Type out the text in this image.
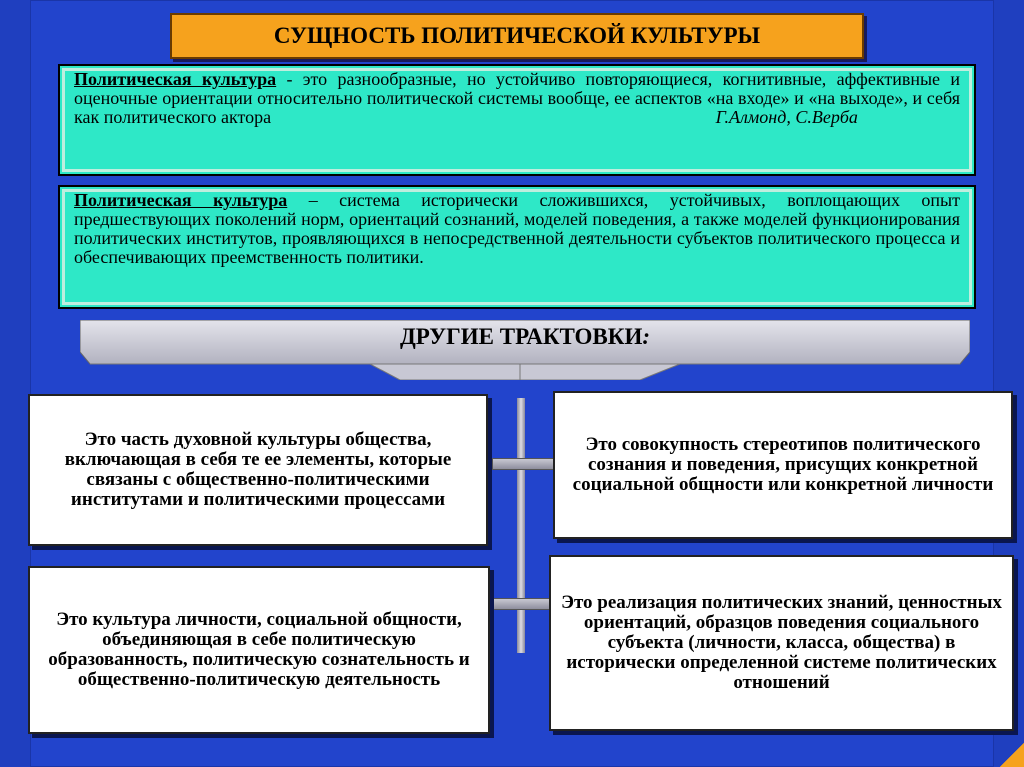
СУЩНОСТЬ ПОЛИТИЧЕСКОЙ КУЛЬТУРЫ
Политическая культура - это разнообразные, но устойчиво повторяющиеся, когнитивные, аффективные и оценочные ориентации относительно политической системы вообще, ее аспектов «на входе» и «на выходе», и себя как политического актора	Г.Алмонд, С.Верба
Политическая культура – система исторически сложившихся, устойчивых, воплощающих опыт предшествующих поколений норм, ориентаций сознаний, моделей поведения, а также моделей функционирования политических институтов, проявляющихся в непосредственной деятельности субъектов политического процесса и обеспечивающих преемственность политики.
ДРУГИЕ ТРАКТОВКИ:
Это часть духовной культуры общества, включающая в себя те ее элементы, которые связаны с общественно-политическими институтами и политическими процессами
Это совокупность стереотипов политического сознания и поведения, присущих конкретной социальной общности или конкретной личности
Это культура личности, социальной общности, объединяющая в себе политическую образованность, политическую сознательность и общественно-политическую деятельность
Это реализация политических знаний, ценностных ориентаций, образцов поведения социального субъекта (личности, класса, общества) в исторически определенной системе политических отношений
